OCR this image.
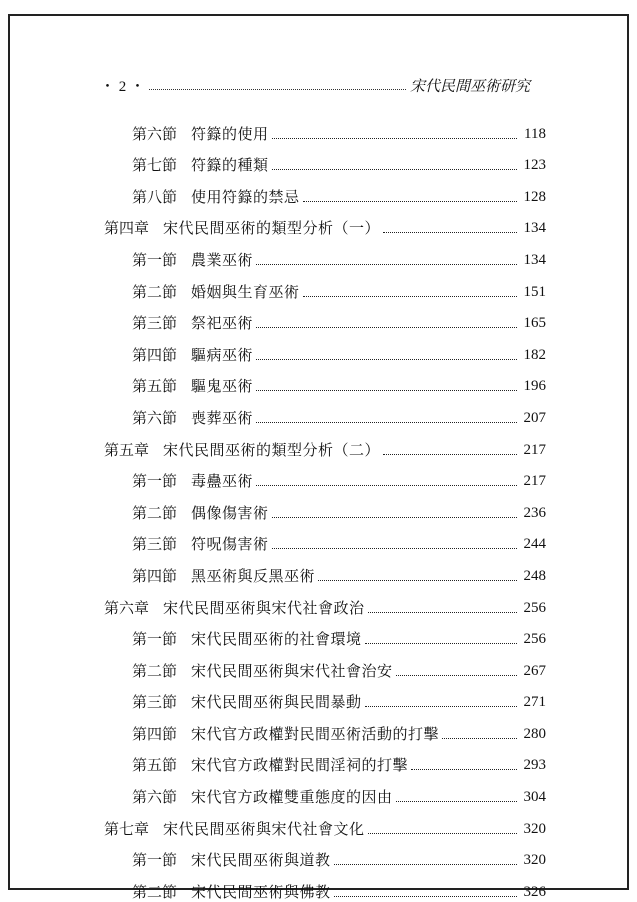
・ 2 ・	宋代民間巫術研究
第六節 符籙的使用	118
第七節 符籙的種類	123
第八節 使用符籙的禁忌	128
第四章 宋代民間巫術的類型分析（一）	134
第一節 農業巫術	134
第二節 婚姻與生育巫術	151
第三節 祭祀巫術	165
第四節 驅病巫術	182
第五節 驅鬼巫術	196
第六節 喪葬巫術	207
第五章 宋代民間巫術的類型分析（二）	217
第一節 毒蠱巫術	217
第二節 偶像傷害術	236
第三節 符呪傷害術	244
第四節 黑巫術與反黑巫術	248
第六章 宋代民間巫術與宋代社會政治	256
第一節 宋代民間巫術的社會環境	256
第二節 宋代民間巫術與宋代社會治安	267
第三節 宋代民間巫術與民間暴動	271
第四節 宋代官方政權對民間巫術活動的打擊	280
第五節 宋代官方政權對民間淫祠的打擊	293
第六節 宋代官方政權雙重態度的因由	304
第七章 宋代民間巫術與宋代社會文化	320
第一節 宋代民間巫術與道教	320
第二節 宋代民間巫術與佛教	326
